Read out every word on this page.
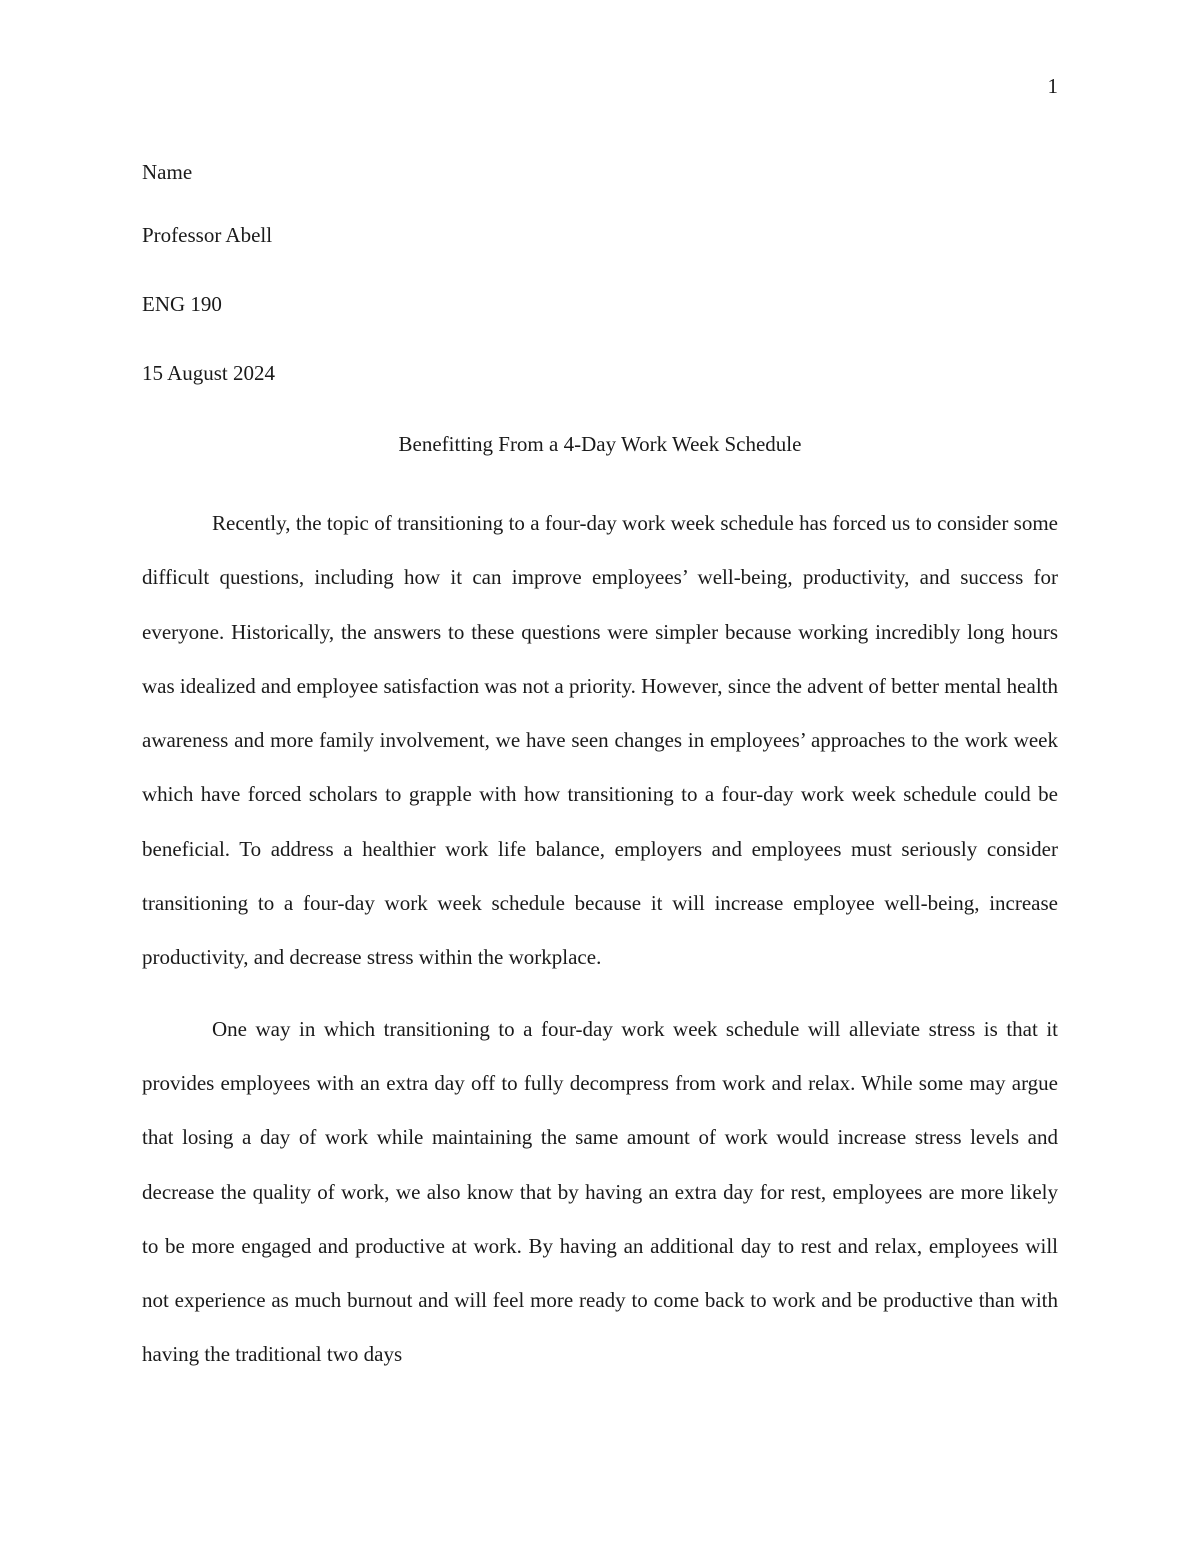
1
Name
Professor Abell
ENG 190
15 August 2024
Benefitting From a 4-Day Work Week Schedule

Recently, the topic of transitioning to a four-day work week schedule has forced us to consider some difficult questions, including how it can improve employees’ well-being, productivity, and success for everyone. Historically, the answers to these questions were simpler because working incredibly long hours was idealized and employee satisfaction was not a priority. However, since the advent of better mental health awareness and more family involvement, we have seen changes in employees’ approaches to the work week which have forced scholars to grapple with how transitioning to a four-day work week schedule could be beneficial. To address a healthier work life balance, employers and employees must seriously consider transitioning to a four-day work week schedule because it will increase employee well-being, increase productivity, and decrease stress within the workplace.

One way in which transitioning to a four-day work week schedule will alleviate stress is that it provides employees with an extra day off to fully decompress from work and relax. While some may argue that losing a day of work while maintaining the same amount of work would increase stress levels and decrease the quality of work, we also know that by having an extra day for rest, employees are more likely to be more engaged and productive at work. By having an additional day to rest and relax, employees will not experience as much burnout and will feel more ready to come back to work and be productive than with having the traditional two days
